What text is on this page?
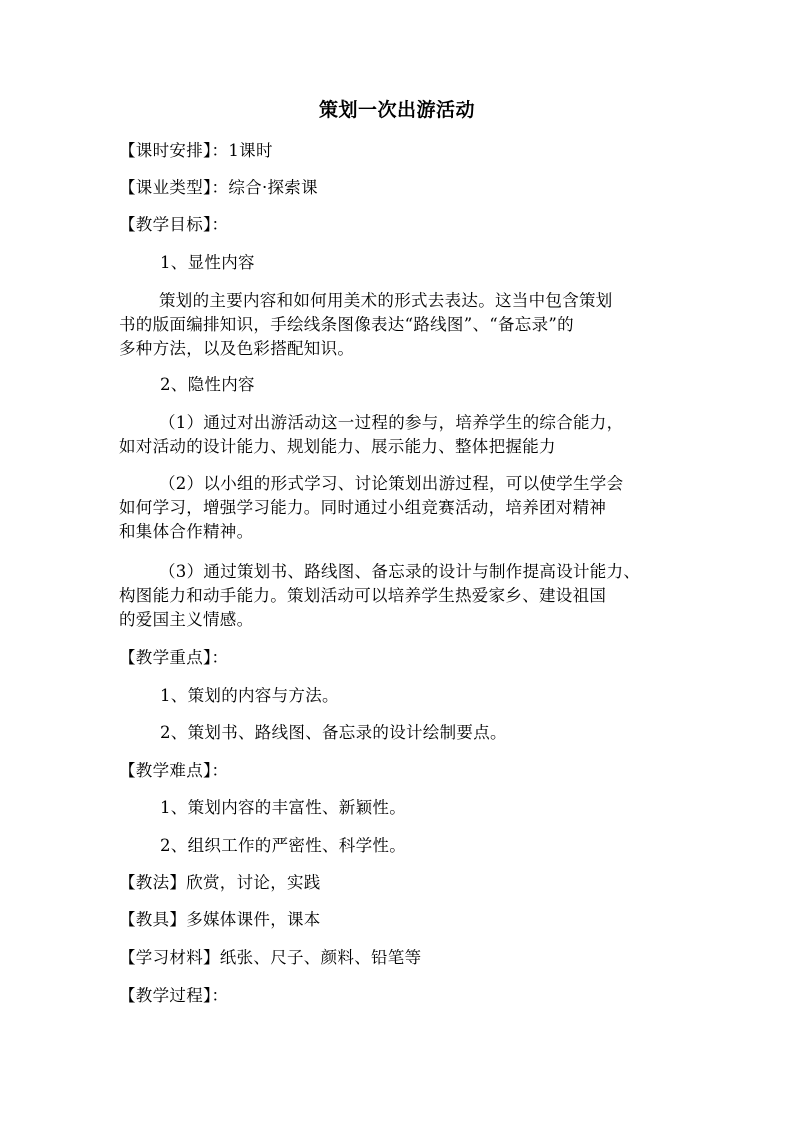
策划一次出游活动
【课时安排】：1课时
【课业类型】：综合·探索课
【教学目标】：
1、显性内容
策划的主要内容和如何用美术的形式去表达。这当中包含策划
书的版面编排知识，手绘线条图像表达“路线图”、“备忘录”的
多种方法，以及色彩搭配知识。
2、隐性内容
（1）通过对出游活动这一过程的参与，培养学生的综合能力，
如对活动的设计能力、规划能力、展示能力、整体把握能力
（2）以小组的形式学习、讨论策划出游过程，可以使学生学会
如何学习，增强学习能力。同时通过小组竞赛活动，培养团对精神
和集体合作精神。
（3）通过策划书、路线图、备忘录的设计与制作提高设计能力、
构图能力和动手能力。策划活动可以培养学生热爱家乡、建设祖国
的爱国主义情感。
【教学重点】：
1、策划的内容与方法。
2、策划书、路线图、备忘录的设计绘制要点。
【教学难点】：
1、策划内容的丰富性、新颖性。
2、组织工作的严密性、科学性。
【教法】欣赏，讨论，实践
【教具】多媒体课件，课本
【学习材料】纸张、尺子、颜料、铅笔等
【教学过程】：
